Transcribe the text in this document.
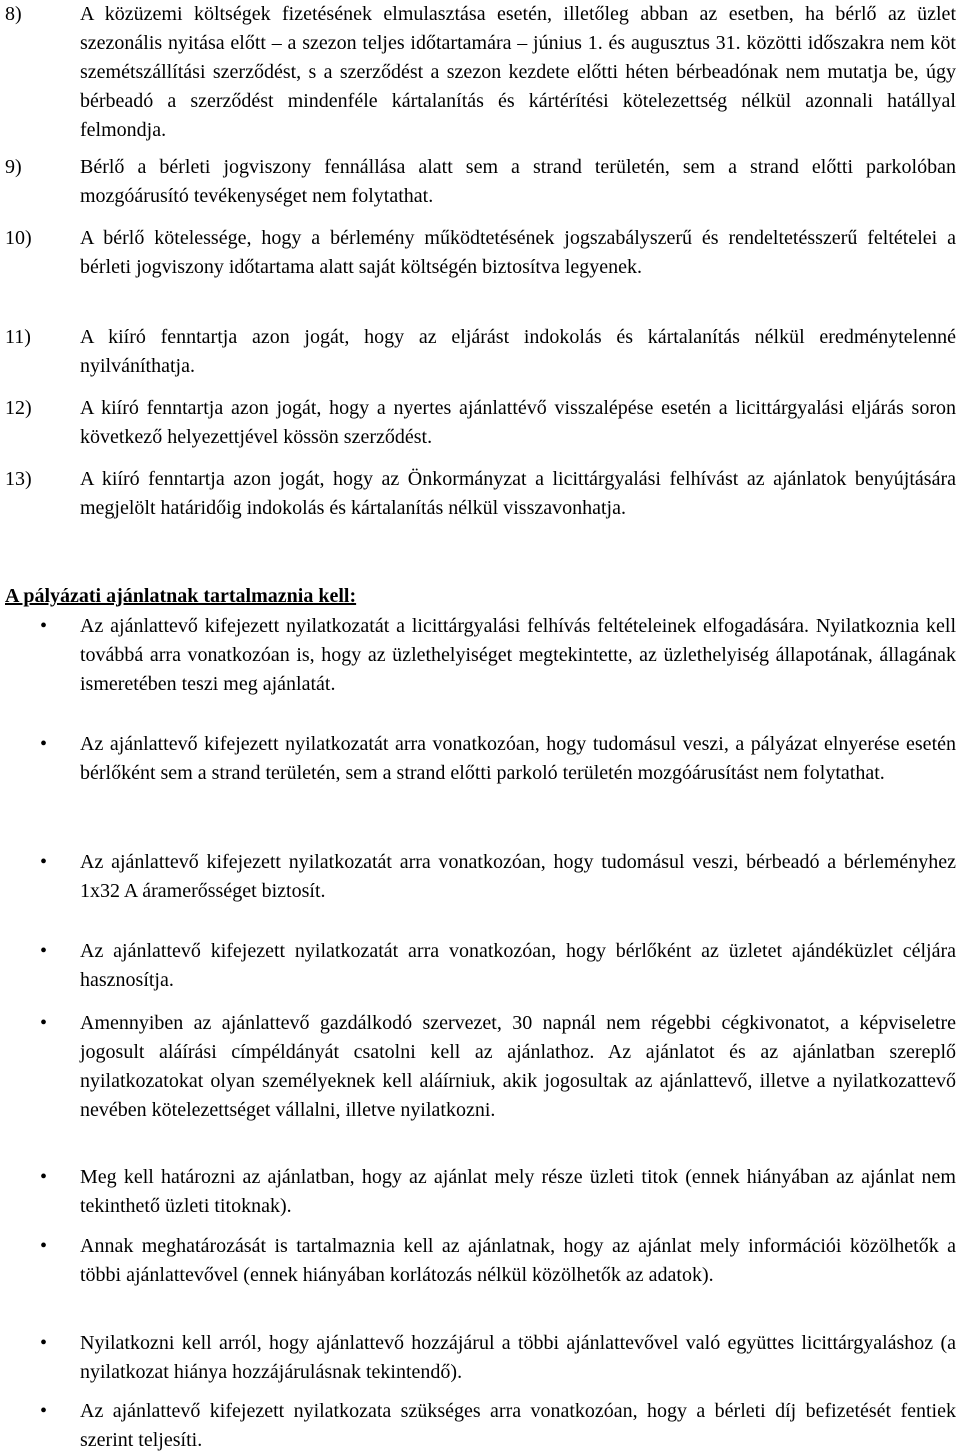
8)	A közüzemi költségek fizetésének elmulasztása esetén, illetőleg abban az esetben, ha bérlő az üzlet szezonális nyitása előtt – a szezon teljes időtartamára – június 1. és augusztus 31. közötti időszakra nem köt szemétszállítási szerződést, s a szerződést a szezon kezdete előtti héten bérbeadónak nem mutatja be, úgy bérbeadó a szerződést mindenféle kártalanítás és kártérítési kötelezettség nélkül azonnali hatállyal felmondja.
9)	Bérlő a bérleti jogviszony fennállása alatt sem a strand területén, sem a strand előtti parkolóban mozgóárusító tevékenységet nem folytathat.
10) A bérlő kötelessége, hogy a bérlemény működtetésének jogszabályszerű és rendeltetésszerű feltételei a bérleti jogviszony időtartama alatt saját költségén biztosítva legyenek.
11) A kiíró fenntartja azon jogát, hogy az eljárást indokolás és kártalanítás nélkül eredménytelenné nyilváníthatja.
12) A kiíró fenntartja azon jogát, hogy a nyertes ajánlattévő visszalépése esetén a licittárgyalási eljárás soron következő helyezettjével kössön szerződést.
13) A kiíró fenntartja azon jogát, hogy az Önkormányzat a licittárgyalási felhívást az ajánlatok benyújtására megjelölt határidőig indokolás és kártalanítás nélkül visszavonhatja.
A pályázati ajánlatnak tartalmaznia kell:
• Az ajánlattevő kifejezett nyilatkozatát a licittárgyalási felhívás feltételeinek elfogadására. Nyilatkoznia kell továbbá arra vonatkozóan is, hogy az üzlethelyiséget megtekintette, az üzlethelyiség állapotának, állagának ismeretében teszi meg ajánlatát.
• Az ajánlattevő kifejezett nyilatkozatát arra vonatkozóan, hogy tudomásul veszi, a pályázat elnyerése esetén bérlőként sem a strand területén, sem a strand előtti parkoló területén mozgóárusítást nem folytathat.
• Az ajánlattevő kifejezett nyilatkozatát arra vonatkozóan, hogy tudomásul veszi, bérbeadó a bérleményhez 1x32 A áramerősséget biztosít.
• Az ajánlattevő kifejezett nyilatkozatát arra vonatkozóan, hogy bérlőként az üzletet ajándéküzlet céljára hasznosítja.
• Amennyiben az ajánlattevő gazdálkodó szervezet, 30 napnál nem régebbi cégkivonatot, a képviseletre jogosult aláírási címpéldányát csatolni kell az ajánlathoz. Az ajánlatot és az ajánlatban szereplő nyilatkozatokat olyan személyeknek kell aláírniuk, akik jogosultak az ajánlattevő, illetve a nyilatkozattevő nevében kötelezettséget vállalni, illetve nyilatkozni.
• Meg kell határozni az ajánlatban, hogy az ajánlat mely része üzleti titok (ennek hiányában az ajánlat nem tekinthető üzleti titoknak).
• Annak meghatározását is tartalmaznia kell az ajánlatnak, hogy az ajánlat mely információi közölhetők a többi ajánlattevővel (ennek hiányában korlátozás nélkül közölhetők az adatok).
• Nyilatkozni kell arról, hogy ajánlattevő hozzájárul a többi ajánlattevővel való együttes licittárgyaláshoz (a nyilatkozat hiánya hozzájárulásnak tekintendő).
• Az ajánlattevő kifejezett nyilatkozata szükséges arra vonatkozóan, hogy a bérleti díj befizetését fentiek szerint teljesíti.
